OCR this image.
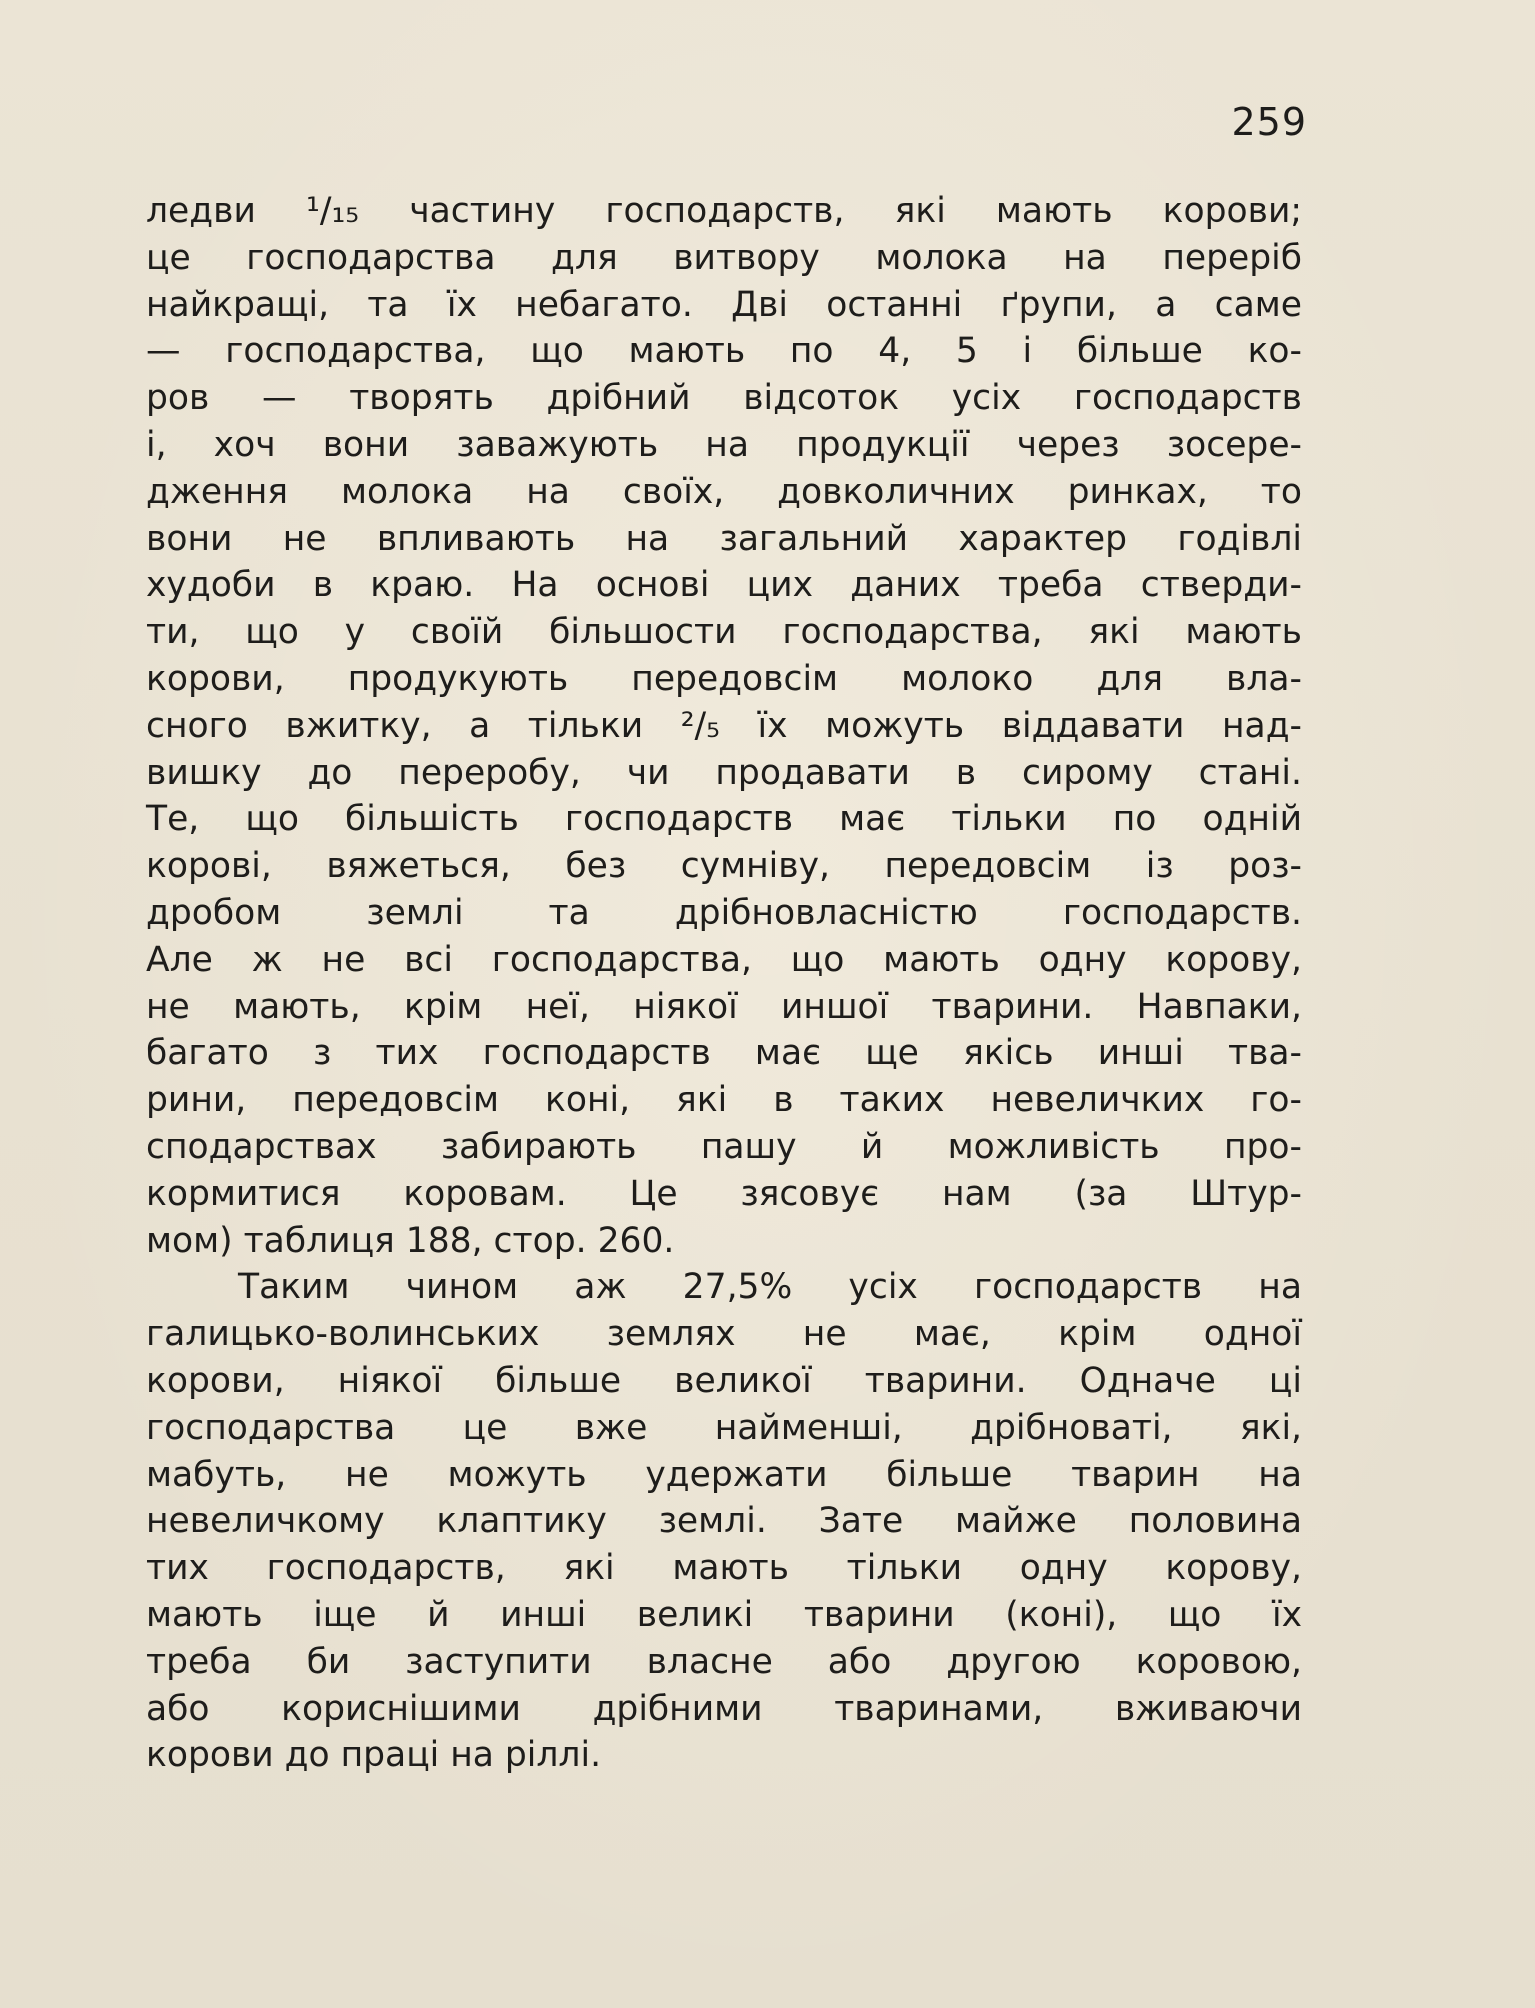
259
ледви ¹/₁₅ частину господарств, які мають корови;
це господарства для витвору молока на переріб
найкращі, та їх небагато. Дві останні ґрупи, а саме
— господарства, що мають по 4, 5 і більше ко-
ров — творять дрібний відсоток усіх господарств
і, хоч вони заважують на продукції через зосере-
дження молока на своїх, довколичних ринках, то
вони не впливають на загальний характер годівлі
худоби в краю. На основі цих даних треба стверди-
ти, що у своїй більшости господарства, які мають
корови, продукують передовсім молоко для вла-
сного вжитку, а тільки ²/₅ їх можуть віддавати над-
вишку до переробу, чи продавати в сирому стані.
Те, що більшість господарств має тільки по одній
корові, вяжеться, без сумніву, передовсім із роз-
дробом землі та дрібновласністю господарств.
Але ж не всі господарства, що мають одну корову,
не мають, крім неї, ніякої иншої тварини. Навпаки,
багато з тих господарств має ще якісь инші тва-
рини, передовсім коні, які в таких невеличких го-
сподарствах забирають пашу й можливість про-
кормитися коровам. Це зясовує нам (за Штур-
мом) таблиця 188, стор. 260.
Таким чином аж 27,5% усіх господарств на
галицько-волинських землях не має, крім одної
корови, ніякої більше великої тварини. Одначе ці
господарства це вже найменші, дрібноваті, які,
мабуть, не можуть удержати більше тварин на
невеличкому клаптику землі. Зате майже половина
тих господарств, які мають тільки одну корову,
мають іще й инші великі тварини (коні), що їх
треба би заступити власне або другою коровою,
або кориснішими дрібними тваринами, вживаючи
корови до праці на ріллі.
